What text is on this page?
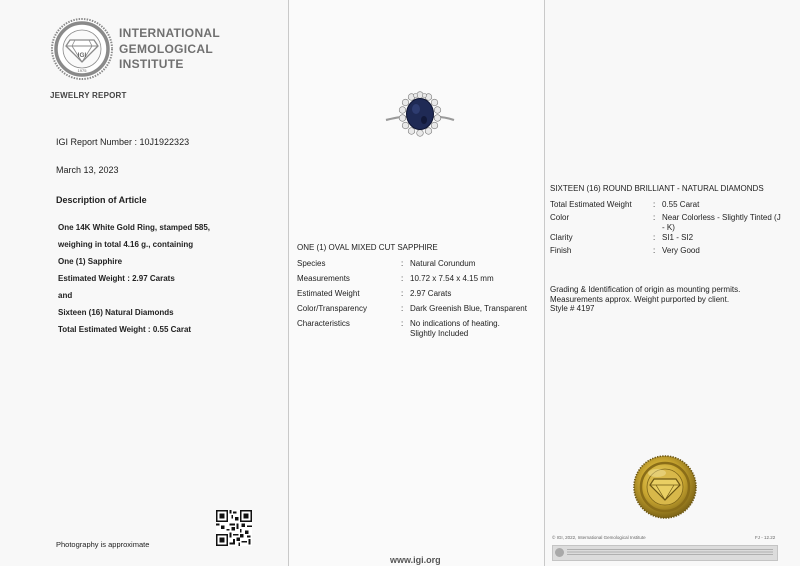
IGI
1975
INTERNATIONAL
GEMOLOGICAL
INSTITUTE
JEWELRY REPORT
IGI Report Number : 10J1922323
March 13, 2023
Description of Article
One 14K White Gold Ring, stamped 585,
weighing in total 4.16 g., containing
One (1) Sapphire
Estimated Weight : 2.97 Carats
and
Sixteen (16) Natural Diamonds
Total Estimated Weight : 0.55 Carat
Photography is approximate
ONE (1) OVAL MIXED CUT SAPPHIRE
Species	:	Natural Corundum
Measurements	:	10.72 x 7.54 x 4.15 mm
Estimated Weight	:	2.97 Carats
Color/Transparency	:	Dark Greenish Blue, Transparent
Characteristics	:	No indications of heating.
Slightly Included
www.igi.org
SIXTEEN (16) ROUND BRILLIANT - NATURAL DIAMONDS
Total Estimated Weight	:	0.55 Carat
Color	:	Near Colorless - Slightly Tinted (J
- K)

Clarity	:	SI1 - SI2
Finish	:	Very Good
Grading & Identification of origin as mounting permits.
Measurements approx. Weight purported by client.
Style # 4197
© IGI, 2022, International Gemological Institute	FJ - 12.22
